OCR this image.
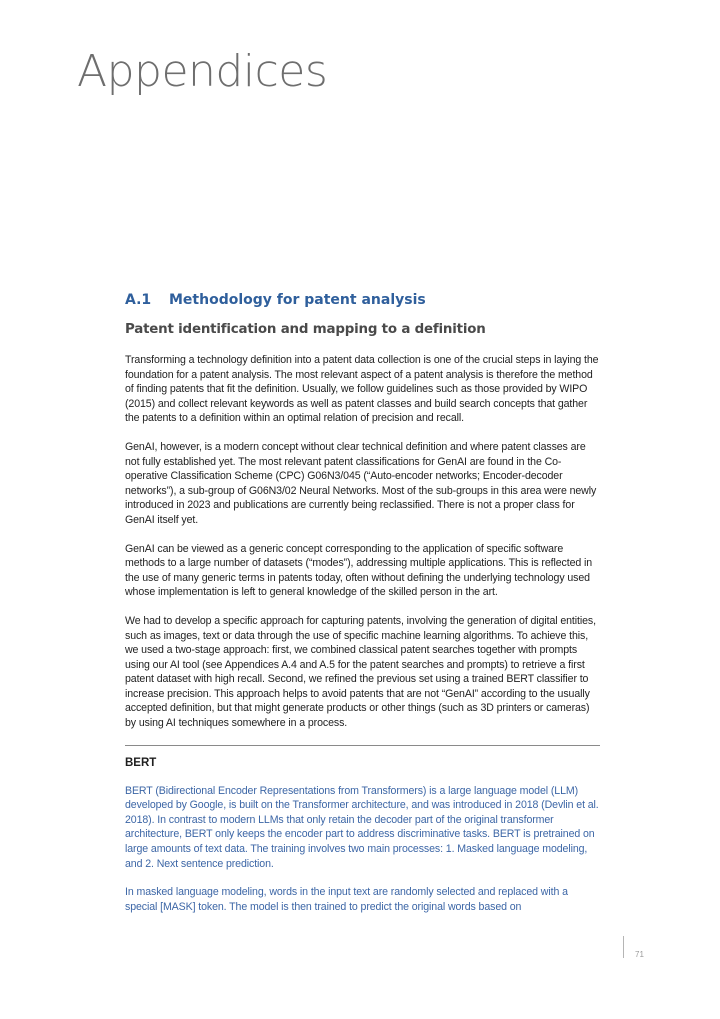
Appendices
A.1	Methodology for patent analysis
Patent identification and mapping to a definition

Transforming a technology definition into a patent data collection is one of the crucial steps in laying the foundation for a patent analysis. The most relevant aspect of a patent analysis is therefore the method of finding patents that fit the definition. Usually, we follow guidelines such as those provided by WIPO (2015) and collect relevant keywords as well as patent classes and build search concepts that gather the patents to a definition within an optimal relation of precision and recall.

GenAI, however, is a modern concept without clear technical definition and where patent classes are not fully established yet. The most relevant patent classifications for GenAI are found in the Co-operative Classification Scheme (CPC) G06N3/045 (“Auto-encoder networks; Encoder-decoder networks”), a sub-group of G06N3/02 Neural Networks. Most of the sub-groups in this area were newly introduced in 2023 and publications are currently being reclassified. There is not a proper class for GenAI itself yet.

GenAI can be viewed as a generic concept corresponding to the application of specific software methods to a large number of datasets (“modes”), addressing multiple applications. This is reflected in the use of many generic terms in patents today, often without defining the underlying technology used whose implementation is left to general knowledge of the skilled person in the art.

We had to develop a specific approach for capturing patents, involving the generation of digital entities, such as images, text or data through the use of specific machine learning algorithms. To achieve this, we used a two-stage approach: first, we combined classical patent searches together with prompts using our AI tool (see Appendices A.4 and A.5 for the patent searches and prompts) to retrieve a first patent dataset with high recall. Second, we refined the previous set using a trained BERT classifier to increase precision. This approach helps to avoid patents that are not “GenAI” according to the usually accepted definition, but that might generate products or other things (such as 3D printers or cameras) by using AI techniques somewhere in a process.

BERT

BERT (Bidirectional Encoder Representations from Transformers) is a large language model (LLM) developed by Google, is built on the Transformer architecture, and was introduced in 2018 (Devlin et al. 2018). In contrast to modern LLMs that only retain the decoder part of the original transformer architecture, BERT only keeps the encoder part to address discriminative tasks. BERT is pretrained on large amounts of text data. The training involves two main processes: 1. Masked language modeling, and 2. Next sentence prediction.

In masked language modeling, words in the input text are randomly selected and replaced with a special [MASK] token. The model is then trained to predict the original words based on

71
